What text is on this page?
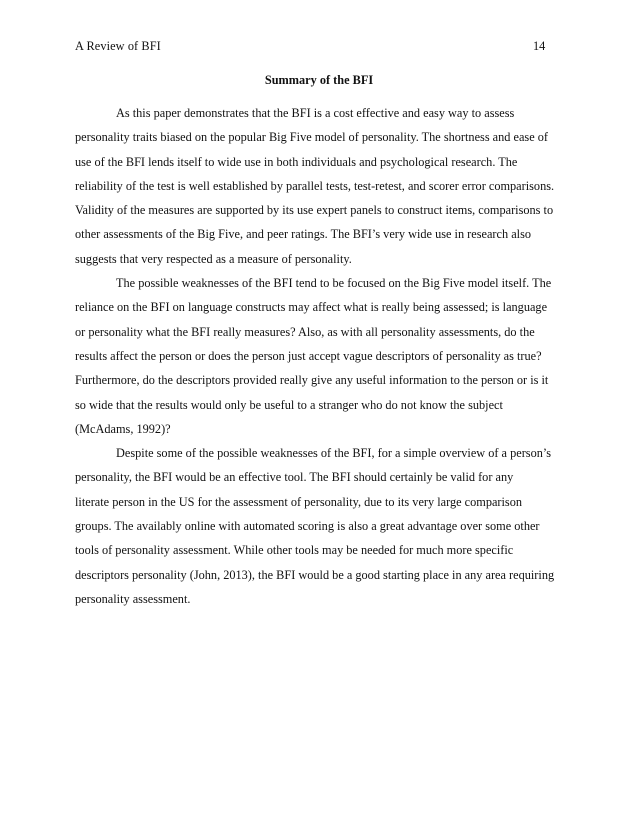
A Review of BFI	14
Summary of the BFI
As this paper demonstrates that the BFI is a cost effective and easy way to assess
personality traits biased on the popular Big Five model of personality. The shortness and ease of
use of the BFI lends itself to wide use in both individuals and psychological research. The
reliability of the test is well established by parallel tests, test-retest, and scorer error comparisons.
Validity of the measures are supported by its use expert panels to construct items, comparisons to
other assessments of the Big Five, and peer ratings. The BFI’s very wide use in research also
suggests that very respected as a measure of personality.
The possible weaknesses of the BFI tend to be focused on the Big Five model itself. The
reliance on the BFI on language constructs may affect what is really being assessed; is language
or personality what the BFI really measures? Also, as with all personality assessments, do the
results affect the person or does the person just accept vague descriptors of personality as true?
Furthermore, do the descriptors provided really give any useful information to the person or is it
so wide that the results would only be useful to a stranger who do not know the subject
(McAdams, 1992)?
Despite some of the possible weaknesses of the BFI, for a simple overview of a person’s
personality, the BFI would be an effective tool. The BFI should certainly be valid for any
literate person in the US for the assessment of personality, due to its very large comparison
groups. The availably online with automated scoring is also a great advantage over some other
tools of personality assessment. While other tools may be needed for much more specific
descriptors personality (John, 2013), the BFI would be a good starting place in any area requiring
personality assessment.
